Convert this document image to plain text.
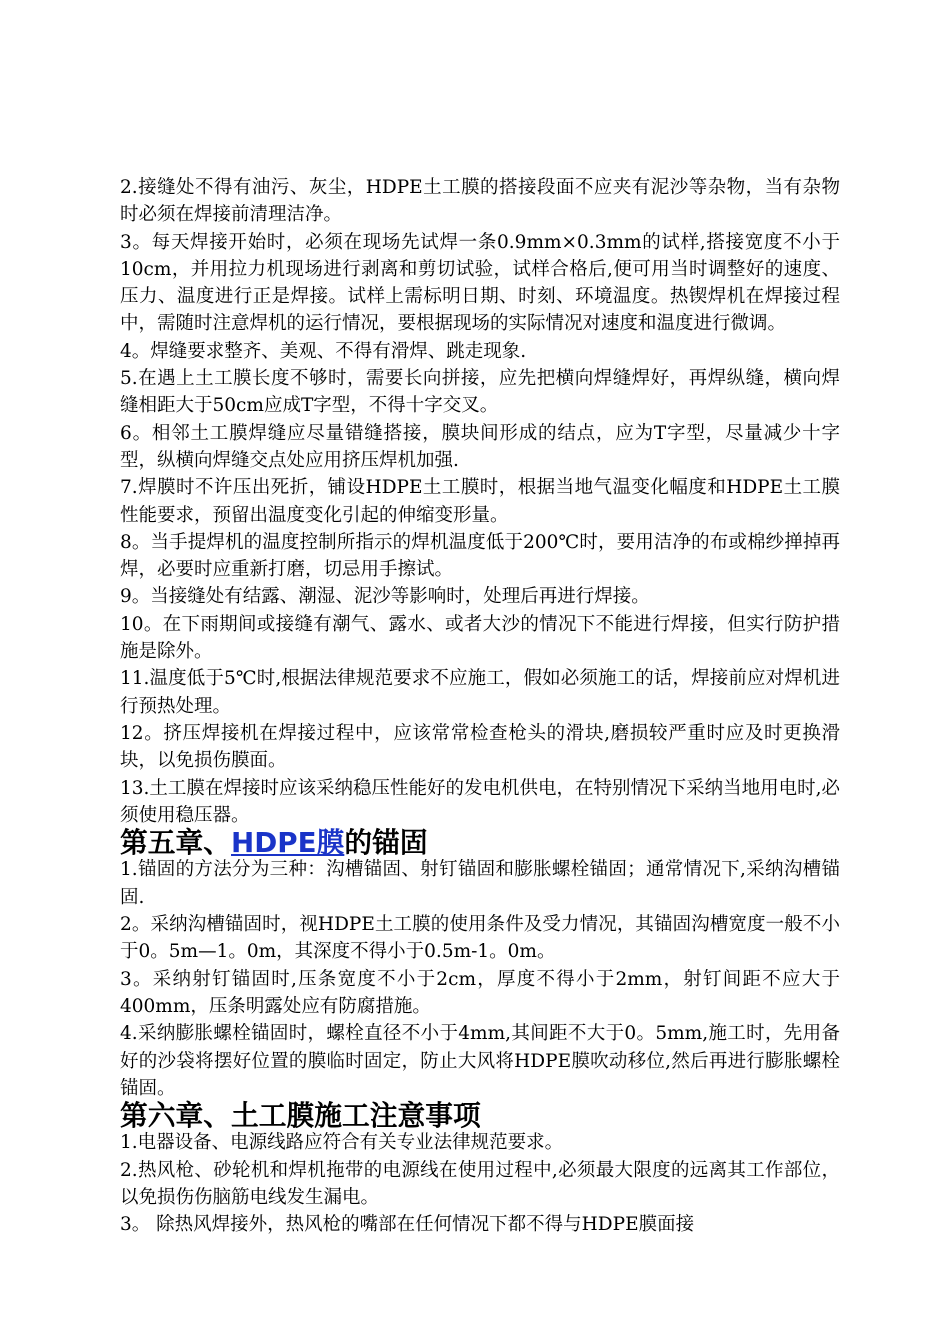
2.接缝处不得有油污、灰尘，HDPE土工膜的搭接段面不应夹有泥沙等杂物，当有杂物时必须在焊接前清理洁净。

3。每天焊接开始时，必须在现场先试焊一条0.9mm×0.3mm的试样,搭接宽度不小于10cm，并用拉力机现场进行剥离和剪切试验，试样合格后,便可用当时调整好的速度、压力、温度进行正是焊接。试样上需标明日期、时刻、环境温度。热锲焊机在焊接过程中，需随时注意焊机的运行情况，要根据现场的实际情况对速度和温度进行微调。

4。焊缝要求整齐、美观、不得有滑焊、跳走现象.

5.在遇上土工膜长度不够时，需要长向拼接，应先把横向焊缝焊好，再焊纵缝，横向焊缝相距大于50cm应成T字型，不得十字交叉。

6。相邻土工膜焊缝应尽量错缝搭接，膜块间形成的结点，应为T字型，尽量减少十字型，纵横向焊缝交点处应用挤压焊机加强.

7.焊膜时不许压出死折，铺设HDPE土工膜时，根据当地气温变化幅度和HDPE土工膜性能要求，预留出温度变化引起的伸缩变形量。

8。当手提焊机的温度控制所指示的焊机温度低于200℃时，要用洁净的布或棉纱掸掉再焊，必要时应重新打磨，切忌用手擦试。

9。当接缝处有结露、潮湿、泥沙等影响时，处理后再进行焊接。

10。在下雨期间或接缝有潮气、露水、或者大沙的情况下不能进行焊接，但实行防护措施是除外。

11.温度低于5℃时,根据法律规范要求不应施工，假如必须施工的话，焊接前应对焊机进行预热处理。

12。挤压焊接机在焊接过程中，应该常常检查枪头的滑块,磨损较严重时应及时更换滑块，以免损伤膜面。

13.土工膜在焊接时应该采纳稳压性能好的发电机供电，在特别情况下采纳当地用电时,必须使用稳压器。

第五章、HDPE膜的锚固

1.锚固的方法分为三种：沟槽锚固、射钉锚固和膨胀螺栓锚固；通常情况下,采纳沟槽锚固.

2。采纳沟槽锚固时，视HDPE土工膜的使用条件及受力情况，其锚固沟槽宽度一般不小于0。5m—1。0m，其深度不得小于0.5m-1。0m。

3。采纳射钉锚固时,压条宽度不小于2cm，厚度不得小于2mm，射钉间距不应大于400mm，压条明露处应有防腐措施。

4.采纳膨胀螺栓锚固时，螺栓直径不小于4mm,其间距不大于0。5mm,施工时，先用备好的沙袋将摆好位置的膜临时固定，防止大风将HDPE膜吹动移位,然后再进行膨胀螺栓锚固。

第六章、土工膜施工注意事项

1.电器设备、电源线路应符合有关专业法律规范要求。

2.热风枪、砂轮机和焊机拖带的电源线在使用过程中,必须最大限度的远离其工作部位，以免损伤伤脑筋电线发生漏电。

3。 除热风焊接外，热风枪的嘴部在任何情况下都不得与HDPE膜面接
